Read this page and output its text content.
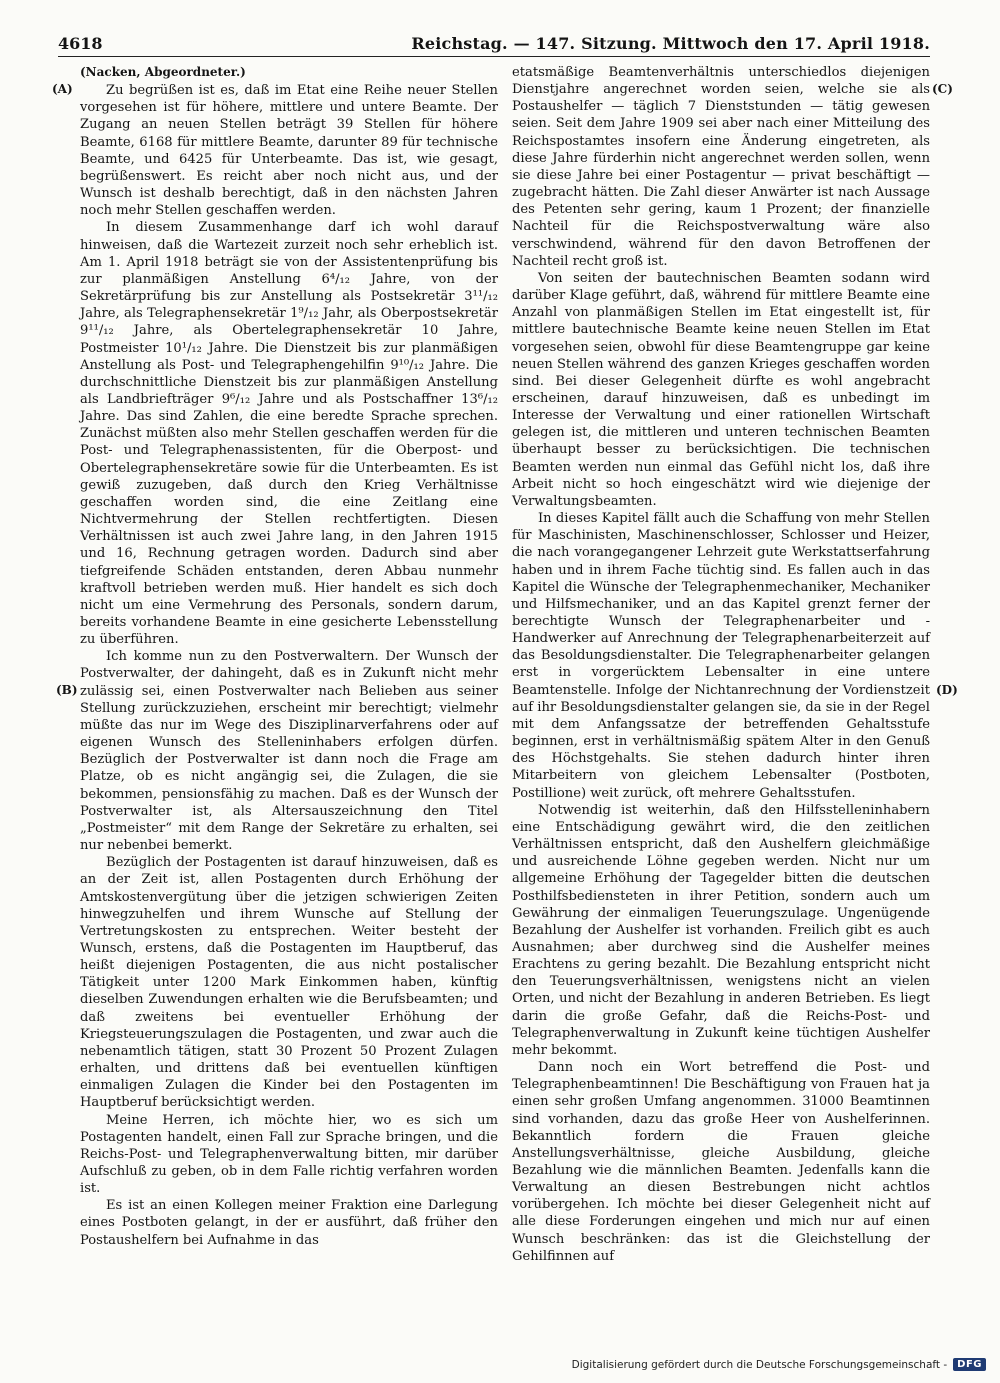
4618	Reichstag. — 147. Sitzung. Mittwoch den 17. April 1918.
(A)
(B)
(C)
(D)
(Nacken, Abgeordneter.)

Zu begrüßen ist es, daß im Etat eine Reihe neuer Stellen vorgesehen ist für höhere, mittlere und untere Beamte. Der Zugang an neuen Stellen beträgt 39 Stellen für höhere Beamte, 6168 für mittlere Beamte, darunter 89 für technische Beamte, und 6425 für Unterbeamte. Das ist, wie gesagt, begrüßenswert. Es reicht aber noch nicht aus, und der Wunsch ist deshalb berechtigt, daß in den nächsten Jahren noch mehr Stellen geschaffen werden.

In diesem Zusammenhange darf ich wohl darauf hinweisen, daß die Wartezeit zurzeit noch sehr erheblich ist. Am 1. April 1918 beträgt sie von der Assistentenprüfung bis zur planmäßigen Anstellung 6⁴/₁₂ Jahre, von der Sekretärprüfung bis zur Anstellung als Postsekretär 3¹¹/₁₂ Jahre, als Telegraphensekretär 1⁹/₁₂ Jahr, als Oberpostsekretär 9¹¹/₁₂ Jahre, als Obertelegraphensekretär 10 Jahre, Postmeister 10¹/₁₂ Jahre. Die Dienstzeit bis zur planmäßigen Anstellung als Post- und Telegraphengehilfin 9¹⁰/₁₂ Jahre. Die durchschnittliche Dienstzeit bis zur planmäßigen Anstellung als Landbriefträger 9⁶/₁₂ Jahre und als Postschaffner 13⁶/₁₂ Jahre. Das sind Zahlen, die eine beredte Sprache sprechen. Zunächst müßten also mehr Stellen geschaffen werden für die Post- und Telegraphenassistenten, für die Oberpost- und Obertelegraphensekretäre sowie für die Unterbeamten. Es ist gewiß zuzugeben, daß durch den Krieg Verhältnisse geschaffen worden sind, die eine Zeitlang eine Nichtvermehrung der Stellen rechtfertigten. Diesen Verhältnissen ist auch zwei Jahre lang, in den Jahren 1915 und 16, Rechnung getragen worden. Dadurch sind aber tiefgreifende Schäden entstanden, deren Abbau nunmehr kraftvoll betrieben werden muß. Hier handelt es sich doch nicht um eine Vermehrung des Personals, sondern darum, bereits vorhandene Beamte in eine gesicherte Lebensstellung zu überführen.

Ich komme nun zu den Postverwaltern. Der Wunsch der Postverwalter, der dahingeht, daß es in Zukunft nicht mehr zulässig sei, einen Postverwalter nach Belieben aus seiner Stellung zurückzuziehen, erscheint mir berechtigt; vielmehr müßte das nur im Wege des Disziplinarverfahrens oder auf eigenen Wunsch des Stelleninhabers erfolgen dürfen. Bezüglich der Postverwalter ist dann noch die Frage am Platze, ob es nicht angängig sei, die Zulagen, die sie bekommen, pensionsfähig zu machen. Daß es der Wunsch der Postverwalter ist, als Altersauszeichnung den Titel „Postmeister“ mit dem Range der Sekretäre zu erhalten, sei nur nebenbei bemerkt.

Bezüglich der Postagenten ist darauf hinzuweisen, daß es an der Zeit ist, allen Postagenten durch Erhöhung der Amtskostenvergütung über die jetzigen schwierigen Zeiten hinwegzuhelfen und ihrem Wunsche auf Stellung der Vertretungskosten zu entsprechen. Weiter besteht der Wunsch, erstens, daß die Postagenten im Hauptberuf, das heißt diejenigen Postagenten, die aus nicht postalischer Tätigkeit unter 1200 Mark Einkommen haben, künftig dieselben Zuwendungen erhalten wie die Berufsbeamten; und daß zweitens bei eventueller Erhöhung der Kriegsteuerungszulagen die Postagenten, und zwar auch die nebenamtlich tätigen, statt 30 Prozent 50 Prozent Zulagen erhalten, und drittens daß bei eventuellen künftigen einmaligen Zulagen die Kinder bei den Postagenten im Hauptberuf berücksichtigt werden.

Meine Herren, ich möchte hier, wo es sich um Postagenten handelt, einen Fall zur Sprache bringen, und die Reichs-Post- und Telegraphenverwaltung bitten, mir darüber Aufschluß zu geben, ob in dem Falle richtig verfahren worden ist.

Es ist an einen Kollegen meiner Fraktion eine Darlegung eines Postboten gelangt, in der er ausführt, daß früher den Postaushelfern bei Aufnahme in das

etatsmäßige Beamtenverhältnis unterschiedlos diejenigen Dienstjahre angerechnet worden seien, welche sie als Postaushelfer — täglich 7 Dienststunden — tätig gewesen seien. Seit dem Jahre 1909 sei aber nach einer Mitteilung des Reichspostamtes insofern eine Änderung eingetreten, als diese Jahre fürderhin nicht angerechnet werden sollen, wenn sie diese Jahre bei einer Postagentur — privat beschäftigt — zugebracht hätten. Die Zahl dieser Anwärter ist nach Aussage des Petenten sehr gering, kaum 1 Prozent; der finanzielle Nachteil für die Reichspostverwaltung wäre also verschwindend, während für den davon Betroffenen der Nachteil recht groß ist.

Von seiten der bautechnischen Beamten sodann wird darüber Klage geführt, daß, während für mittlere Beamte eine Anzahl von planmäßigen Stellen im Etat eingestellt ist, für mittlere bautechnische Beamte keine neuen Stellen im Etat vorgesehen seien, obwohl für diese Beamtengruppe gar keine neuen Stellen während des ganzen Krieges geschaffen worden sind. Bei dieser Gelegenheit dürfte es wohl angebracht erscheinen, darauf hinzuweisen, daß es unbedingt im Interesse der Verwaltung und einer rationellen Wirtschaft gelegen ist, die mittleren und unteren technischen Beamten überhaupt besser zu berücksichtigen. Die technischen Beamten werden nun einmal das Gefühl nicht los, daß ihre Arbeit nicht so hoch eingeschätzt wird wie diejenige der Verwaltungsbeamten.

In dieses Kapitel fällt auch die Schaffung von mehr Stellen für Maschinisten, Maschinenschlosser, Schlosser und Heizer, die nach vorangegangener Lehrzeit gute Werkstattserfahrung haben und in ihrem Fache tüchtig sind. Es fallen auch in das Kapitel die Wünsche der Telegraphenmechaniker, Mechaniker und Hilfsmechaniker, und an das Kapitel grenzt ferner der berechtigte Wunsch der Telegraphenarbeiter und -Handwerker auf Anrechnung der Telegraphenarbeiterzeit auf das Besoldungsdienstalter. Die Telegraphenarbeiter gelangen erst in vorgerücktem Lebensalter in eine untere Beamtenstelle. Infolge der Nichtanrechnung der Vordienstzeit auf ihr Besoldungsdienstalter gelangen sie, da sie in der Regel mit dem Anfangssatze der betreffenden Gehaltsstufe beginnen, erst in verhältnismäßig spätem Alter in den Genuß des Höchstgehalts. Sie stehen dadurch hinter ihren Mitarbeitern von gleichem Lebensalter (Postboten, Postillione) weit zurück, oft mehrere Gehaltsstufen.

Notwendig ist weiterhin, daß den Hilfsstelleninhabern eine Entschädigung gewährt wird, die den zeitlichen Verhältnissen entspricht, daß den Aushelfern gleichmäßige und ausreichende Löhne gegeben werden. Nicht nur um allgemeine Erhöhung der Tagegelder bitten die deutschen Posthilfsbediensteten in ihrer Petition, sondern auch um Gewährung der einmaligen Teuerungszulage. Ungenügende Bezahlung der Aushelfer ist vorhanden. Freilich gibt es auch Ausnahmen; aber durchweg sind die Aushelfer meines Erachtens zu gering bezahlt. Die Bezahlung entspricht nicht den Teuerungsverhältnissen, wenigstens nicht an vielen Orten, und nicht der Bezahlung in anderen Betrieben. Es liegt darin die große Gefahr, daß die Reichs-Post- und Telegraphenverwaltung in Zukunft keine tüchtigen Aushelfer mehr bekommt.

Dann noch ein Wort betreffend die Post- und Telegraphenbeamtinnen! Die Beschäftigung von Frauen hat ja einen sehr großen Umfang angenommen. 31000 Beamtinnen sind vorhanden, dazu das große Heer von Aushelferinnen. Bekanntlich fordern die Frauen gleiche Anstellungsverhältnisse, gleiche Ausbildung, gleiche Bezahlung wie die männlichen Beamten. Jedenfalls kann die Verwaltung an diesen Bestrebungen nicht achtlos vorübergehen. Ich möchte bei dieser Gelegenheit nicht auf alle diese Forderungen eingehen und mich nur auf einen Wunsch beschränken: das ist die Gleichstellung der Gehilfinnen auf

Digitalisierung gefördert durch die Deutsche Forschungsgemeinschaft -	DFG
